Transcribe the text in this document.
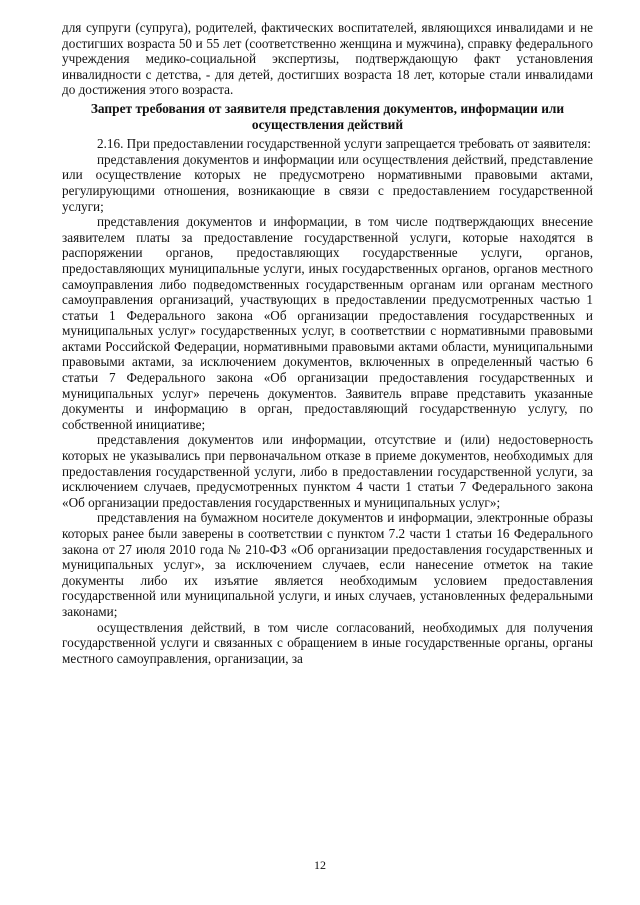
для супруги (супруга), родителей, фактических воспитателей, являющихся инвалидами и не достигших возраста 50 и 55 лет (соответственно женщина и мужчина), справку федерального учреждения медико-социальной экспертизы, подтверждающую факт установления инвалидности с детства, - для детей, достигших возраста 18 лет, которые стали инвалидами до достижения этого возраста.

Запрет требования от заявителя представления документов, информации или осуществления действий

2.16. При предоставлении государственной услуги запрещается требовать от заявителя:

представления документов и информации или осуществления действий, представление или осуществление которых не предусмотрено нормативными правовыми актами, регулирующими отношения, возникающие в связи с предоставлением государственной услуги;

представления документов и информации, в том числе подтверждающих внесение заявителем платы за предоставление государственной услуги, которые находятся в распоряжении органов, предоставляющих государственные услуги, органов, предоставляющих муниципальные услуги, иных государственных органов, органов местного самоуправления либо подведомственных государственным органам или органам местного самоуправления организаций, участвующих в предоставлении предусмотренных частью 1 статьи 1 Федерального закона «Об организации предоставления государственных и муниципальных услуг» государственных услуг, в соответствии с нормативными правовыми актами Российской Федерации, нормативными правовыми актами области, муниципальными правовыми актами, за исключением документов, включенных в определенный частью 6 статьи 7 Федерального закона «Об организации предоставления государственных и муниципальных услуг» перечень документов. Заявитель вправе представить указанные документы и информацию в орган, предоставляющий государственную услугу, по собственной инициативе;

представления документов или информации, отсутствие и (или) недостоверность которых не указывались при первоначальном отказе в приеме документов, необходимых для предоставления государственной услуги, либо в предоставлении государственной услуги, за исключением случаев, предусмотренных пунктом 4 части 1 статьи 7 Федерального закона «Об организации предоставления государственных и муниципальных услуг»;

представления на бумажном носителе документов и информации, электронные образы которых ранее были заверены в соответствии с пунктом 7.2 части 1 статьи 16 Федерального закона от 27 июля 2010 года № 210-ФЗ «Об организации предоставления государственных и муниципальных услуг», за исключением случаев, если нанесение отметок на такие документы либо их изъятие является необходимым условием предоставления государственной или муниципальной услуги, и иных случаев, установленных федеральными законами;

осуществления действий, в том числе согласований, необходимых для получения государственной услуги и связанных с обращением в иные государственные органы, органы местного самоуправления, организации, за

12
